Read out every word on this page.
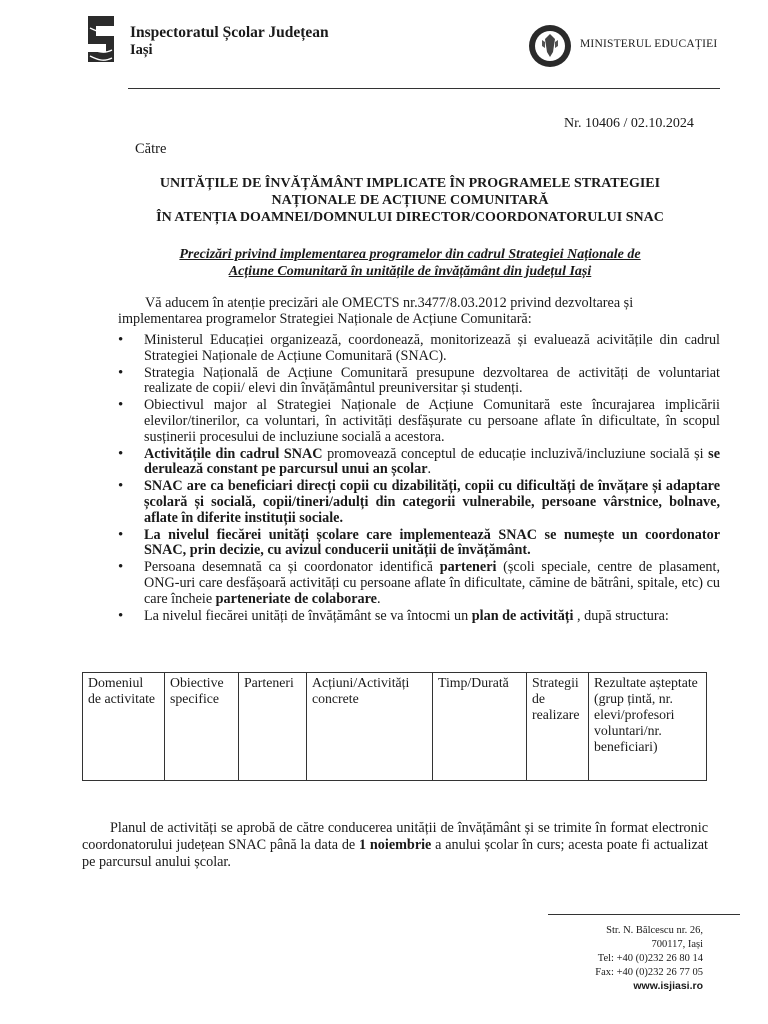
Inspectoratul Școlar Județean
Iași	MINISTERUL EDUCAȚIEI
Nr. 10406 / 02.10.2024
Către
UNITĂȚILE DE ÎNVĂȚĂMÂNT IMPLICATE ÎN PROGRAMELE STRATEGIEI
NAȚIONALE DE ACȚIUNE COMUNITARĂ
ÎN ATENȚIA DOAMNEI/DOMNULUI DIRECTOR/COORDONATORULUI SNAC
Precizări privind implementarea programelor din cadrul Strategiei Naționale de
Acțiune Comunitară în unitățile de învățământ din județul Iași
Vă aducem în atenție precizări ale OMECTS nr.3477/8.03.2012 privind dezvoltarea și
implementarea programelor Strategiei Naționale de Acțiune Comunitară:
• Ministerul Educației organizează, coordonează, monitorizează și evaluează acivitățile din cadrul Strategiei Naționale de Acțiune Comunitară (SNAC).
• Strategia Națională de Acțiune Comunitară presupune dezvoltarea de activități de voluntariat realizate de copii/ elevi din învățământul preuniversitar și studenți.
• Obiectivul major al Strategiei Naționale de Acțiune Comunitară este încurajarea implicării elevilor/tinerilor, ca voluntari, în activități desfășurate cu persoane aflate în dificultate, în scopul susținerii procesului de incluziune socială a acestora.
• Activitățile din cadrul SNAC promovează conceptul de educație incluzivă/incluziune socială și se derulează constant pe parcursul unui an școlar.
• SNAC are ca beneficiari direcți copii cu dizabilități, copii cu dificultăți de învățare și adaptare școlară și socială, copii/tineri/adulți din categorii vulnerabile, persoane vârstnice, bolnave, aflate în diferite instituții sociale.
• La nivelul fiecărei unități școlare care implementează SNAC se numește un coordonator SNAC, prin decizie, cu avizul conducerii unității de învățământ.
• Persoana desemnată ca și coordonator identifică parteneri (școli speciale, centre de plasament, ONG-uri care desfășoară activități cu persoane aflate în dificultate, cămine de bătrâni, spitale, etc) cu care încheie parteneriate de colaborare.
• La nivelul fiecărei unități de învățământ se va întocmi un plan de activități , după structura:
Domeniul de activitate	Obiective specifice	Parteneri	Acțiuni/Activități concrete	Timp/Durată	Strategii de realizare	Rezultate așteptate (grup țintă, nr. elevi/profesori voluntari/nr. beneficiari)
Planul de activități se aprobă de către conducerea unității de învățământ și se trimite în format electronic coordonatorului județean SNAC până la data de 1 noiembrie a anului școlar în curs; acesta poate fi actualizat pe parcursul anului școlar.
Str. N. Bălcescu nr. 26,
700117, Iași
Tel: +40 (0)232 26 80 14
Fax: +40 (0)232 26 77 05
www.isjiasi.ro
